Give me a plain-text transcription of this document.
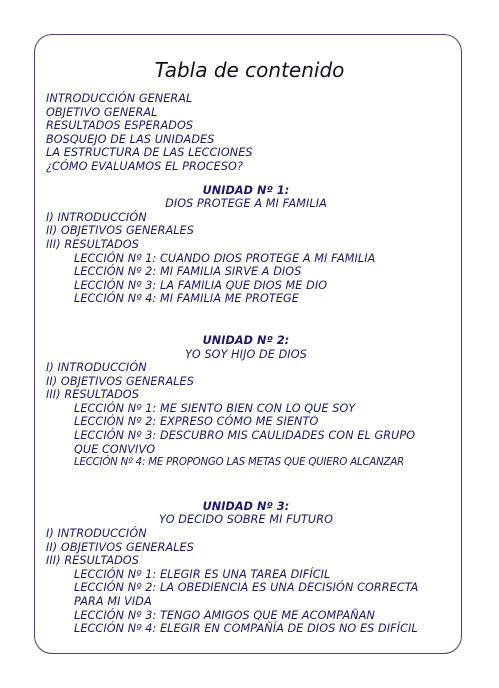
Tabla de contenido
INTRODUCCIÓN GENERAL
OBJETIVO GENERAL
RESULTADOS ESPERADOS
BOSQUEJO DE LAS UNIDADES
LA ESTRUCTURA DE LAS LECCIONES
¿CÓMO EVALUAMOS EL PROCESO?
UNIDAD Nº 1:
DIOS PROTEGE A MI FAMILIA
I) INTRODUCCIÓN
II) OBJETIVOS GENERALES
III) RESULTADOS
LECCIÓN Nº 1: CUANDO DIOS PROTEGE A MI FAMILIA
LECCIÓN Nº 2: MI FAMILIA SIRVE A DIOS
LECCIÓN Nº 3: LA FAMILIA QUE DIOS ME DIO
LECCIÓN Nº 4: MI FAMILIA ME PROTEGE
UNIDAD Nº 2:
YO SOY HIJO DE DIOS
I) INTRODUCCIÓN
II) OBJETIVOS GENERALES
III) RESULTADOS
LECCIÓN Nº 1: ME SIENTO BIEN CON LO QUE SOY
LECCIÓN Nº 2: EXPRESO CÓMO ME SIENTO
LECCIÓN Nº 3: DESCUBRO MIS CAULIDADES CON EL GRUPO
QUE CONVIVO
LECCIÓN Nº 4: ME PROPONGO LAS METAS QUE QUIERO ALCANZAR
UNIDAD Nº 3:
YO DECIDO SOBRE MI FUTURO
I) INTRODUCCIÓN
II) OBJETIVOS GENERALES
III) RESULTADOS
LECCIÓN Nº 1: ELEGIR ES UNA TAREA DIFÍCIL
LECCIÓN Nº 2: LA OBEDIENCIA ES UNA DECISIÓN CORRECTA
PARA MI VIDA
LECCIÓN Nº 3: TENGO AMIGOS QUE ME ACOMPAÑAN
LECCIÓN Nº 4: ELEGIR EN COMPAÑÍA DE DIOS NO ES DIFÍCIL
